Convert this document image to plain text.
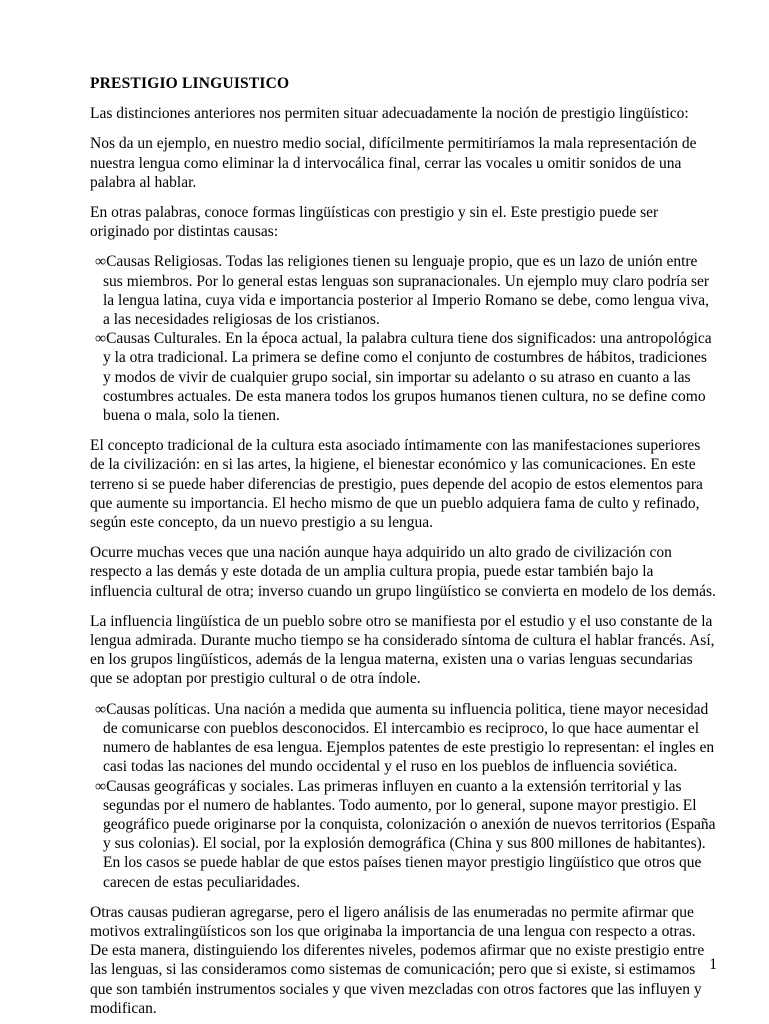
PRESTIGIO LINGUISTICO

Las distinciones anteriores nos permiten situar adecuadamente la noción de prestigio lingüístico:

Nos da un ejemplo, en nuestro medio social, difícilmente permitiríamos la mala representación de nuestra lengua como eliminar la d intervocálica final, cerrar las vocales u omitir sonidos de una palabra al hablar.

En otras palabras, conoce formas lingüísticas con prestigio y sin el. Este prestigio puede ser originado por distintas causas:

∞Causas Religiosas. Todas las religiones tienen su lenguaje propio, que es un lazo de unión entre sus miembros. Por lo general estas lenguas son supranacionales. Un ejemplo muy claro podría ser la lengua latina, cuya vida e importancia posterior al Imperio Romano se debe, como lengua viva, a las necesidades religiosas de los cristianos.
∞Causas Culturales. En la época actual, la palabra cultura tiene dos significados: una antropológica y la otra tradicional. La primera se define como el conjunto de costumbres de hábitos, tradiciones y modos de vivir de cualquier grupo social, sin importar su adelanto o su atraso en cuanto a las costumbres actuales. De esta manera todos los grupos humanos tienen cultura, no se define como buena o mala, solo la tienen.

El concepto tradicional de la cultura esta asociado íntimamente con las manifestaciones superiores de la civilización: en si las artes, la higiene, el bienestar económico y las comunicaciones. En este terreno si se puede haber diferencias de prestigio, pues depende del acopio de estos elementos para que aumente su importancia. El hecho mismo de que un pueblo adquiera fama de culto y refinado, según este concepto, da un nuevo prestigio a su lengua.

Ocurre muchas veces que una nación aunque haya adquirido un alto grado de civilización con respecto a las demás y este dotada de un amplia cultura propia, puede estar también bajo la influencia cultural de otra; inverso cuando un grupo lingüístico se convierta en modelo de los demás.

La influencia lingüística de un pueblo sobre otro se manifiesta por el estudio y el uso constante de la lengua admirada. Durante mucho tiempo se ha considerado síntoma de cultura el hablar francés. Así, en los grupos lingüísticos, además de la lengua materna, existen una o varias lenguas secundarias que se adoptan por prestigio cultural o de otra índole.

∞Causas políticas. Una nación a medida que aumenta su influencia politica, tiene mayor necesidad de comunicarse con pueblos desconocidos. El intercambio es reciproco, lo que hace aumentar el numero de hablantes de esa lengua. Ejemplos patentes de este prestigio lo representan: el ingles en casi todas las naciones del mundo occidental y el ruso en los pueblos de influencia soviética.
∞Causas geográficas y sociales. Las primeras influyen en cuanto a la extensión territorial y las segundas por el numero de hablantes. Todo aumento, por lo general, supone mayor prestigio. El geográfico puede originarse por la conquista, colonización o anexión de nuevos territorios (España y sus colonias). El social, por la explosión demográfica (China y sus 800 millones de habitantes). En los casos se puede hablar de que estos países tienen mayor prestigio lingüístico que otros que carecen de estas peculiaridades.

Otras causas pudieran agregarse, pero el ligero análisis de las enumeradas no permite afirmar que motivos extralingüísticos son los que originaba la importancia de una lengua con respecto a otras. De esta manera, distinguiendo los diferentes niveles, podemos afirmar que no existe prestigio entre las lenguas, si las consideramos como sistemas de comunicación; pero que si existe, si estimamos que son también instrumentos sociales y que viven mezcladas con otros factores que las influyen y modifican.

1
